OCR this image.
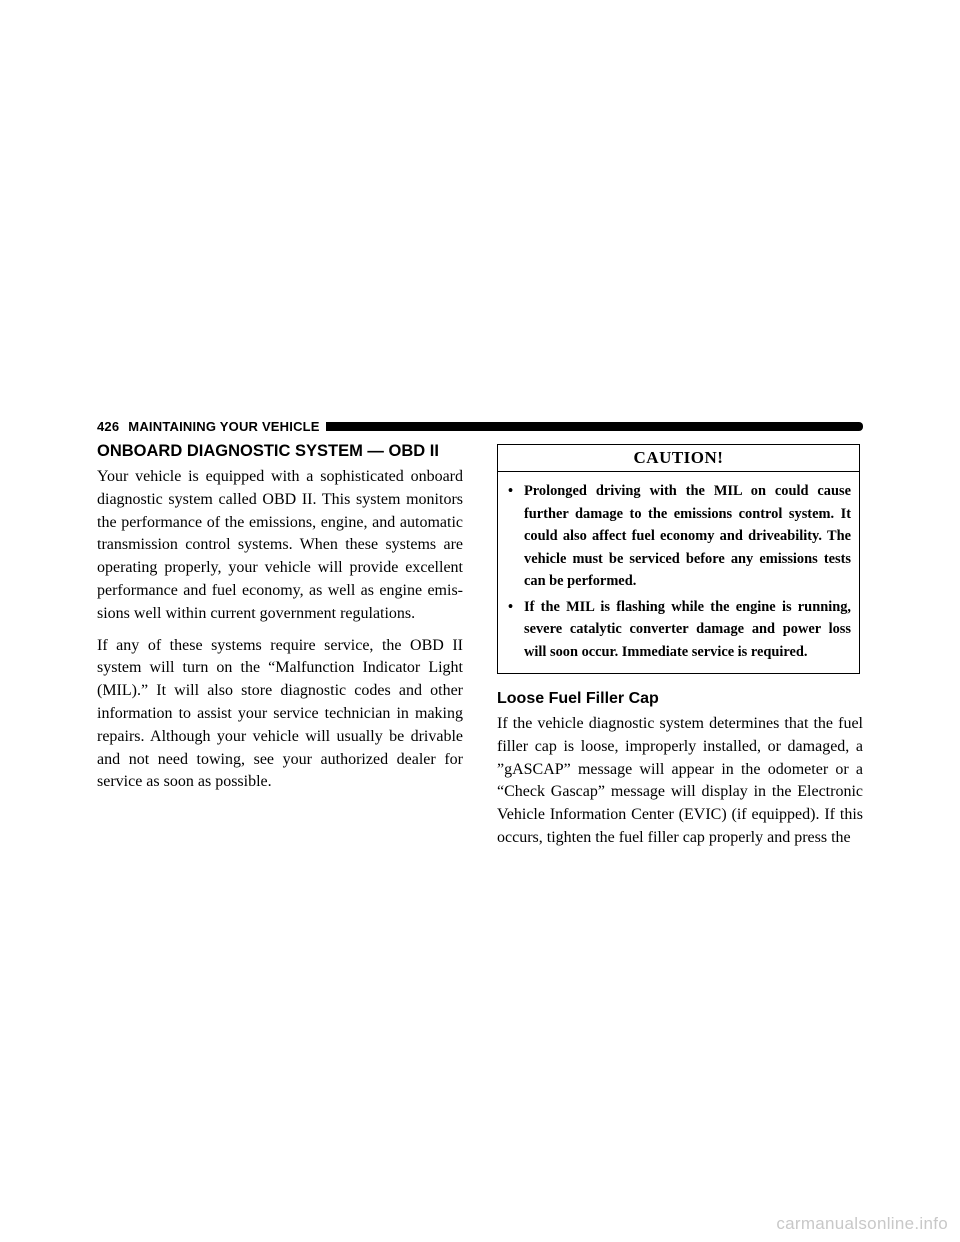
426 MAINTAINING YOUR VEHICLE
ONBOARD DIAGNOSTIC SYSTEM — OBD II

Your vehicle is equipped with a sophisticated onboard diagnostic system called OBD II. This system monitors the performance of the emissions, engine, and automatic transmission control systems. When these systems are operating properly, your vehicle will provide excellent performance and fuel economy, as well as engine emissions well within current government regulations.

If any of these systems require service, the OBD II system will turn on the “Malfunction Indicator Light (MIL).” It will also store diagnostic codes and other information to assist your service technician in making repairs. Although your vehicle will usually be drivable and not need towing, see your authorized dealer for service as soon as possible.

CAUTION!
• Prolonged driving with the MIL on could cause further damage to the emissions control system. It could also affect fuel economy and driveability. The vehicle must be serviced before any emissions tests can be performed.
• If the MIL is flashing while the engine is running, severe catalytic converter damage and power loss will soon occur. Immediate service is required.
Loose Fuel Filler Cap

If the vehicle diagnostic system determines that the fuel filler cap is loose, improperly installed, or damaged, a ”gASCAP” message will appear in the odometer or a “Check Gascap” message will display in the Electronic Vehicle Information Center (EVIC) (if equipped). If this occurs, tighten the fuel filler cap properly and press the

carmanualsonline.info
